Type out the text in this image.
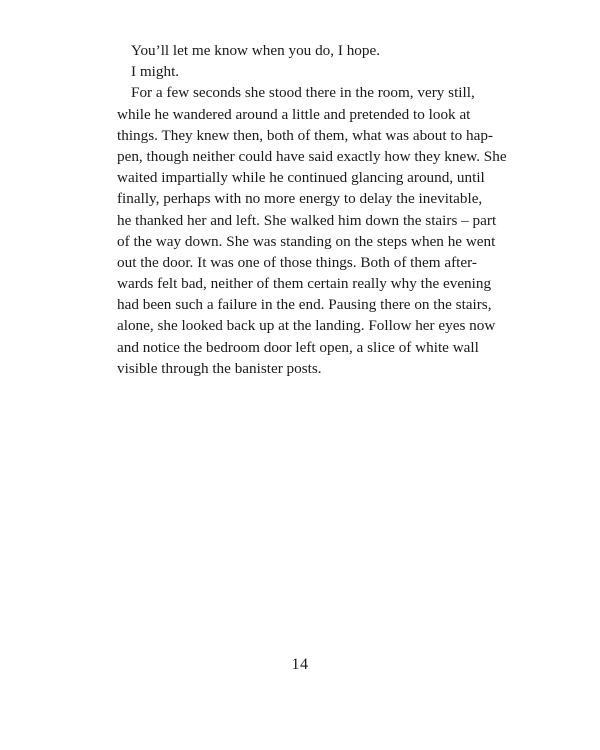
You’ll let me know when you do, I hope.
I might.
For a few seconds she stood there in the room, very still,
while he wandered around a little and pretended to look at
things. They knew then, both of them, what was about to hap-
pen, though neither could have said exactly how they knew. She
waited impartially while he continued glancing around, until
finally, perhaps with no more energy to delay the inevitable,
he thanked her and left. She walked him down the stairs – part
of the way down. She was standing on the steps when he went
out the door. It was one of those things. Both of them after-
wards felt bad, neither of them certain really why the evening
had been such a failure in the end. Pausing there on the stairs,
alone, she looked back up at the landing. Follow her eyes now
and notice the bedroom door left open, a slice of white wall
visible through the banister posts.
14
